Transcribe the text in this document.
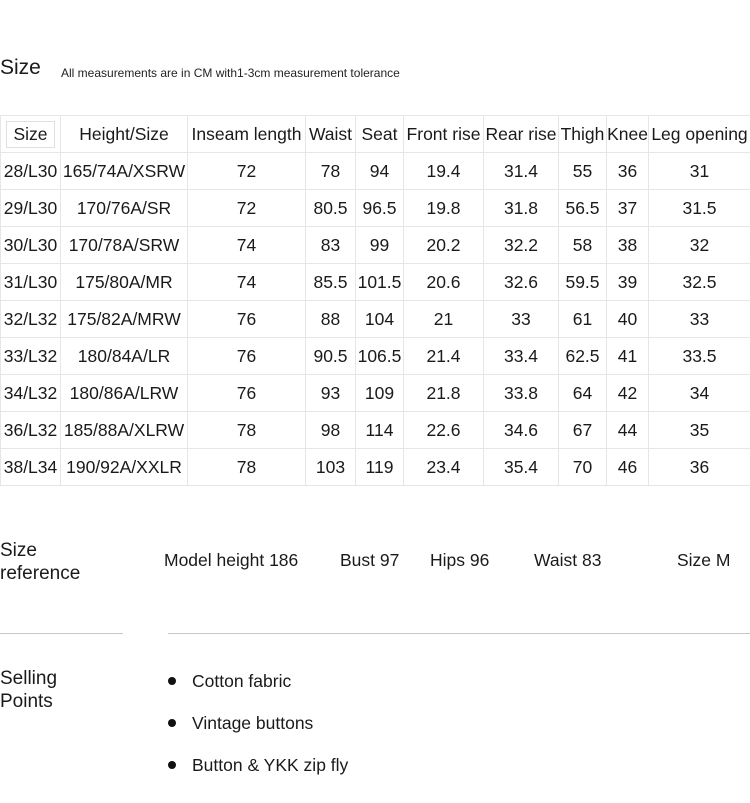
Size All measurements are in CM with1-3cm measurement tolerance
Size	Height/Size	Inseam length	Waist	Seat	Front rise	Rear rise	Thigh	Knee	Leg opening
28/L30	165/74A/XSRW	72	78	94	19.4	31.4	55	36	31
29/L30	170/76A/SR	72	80.5	96.5	19.8	31.8	56.5	37	31.5
30/L30	170/78A/SRW	74	83	99	20.2	32.2	58	38	32
31/L30	175/80A/MR	74	85.5	101.5	20.6	32.6	59.5	39	32.5
32/L32	175/82A/MRW	76	88	104	21	33	61	40	33
33/L32	180/84A/LR	76	90.5	106.5	21.4	33.4	62.5	41	33.5
34/L32	180/86A/LRW	76	93	109	21.8	33.8	64	42	34
36/L32	185/88A/XLRW	78	98	114	22.6	34.6	67	44	35
38/L34	190/92A/XXLR	78	103	119	23.4	35.4	70	46	36
Size
reference
Model height 186 Bust 97 Hips 96	Waist 83	Size M
Selling
Points
Cotton fabric
Vintage buttons
Button & YKK zip fly
